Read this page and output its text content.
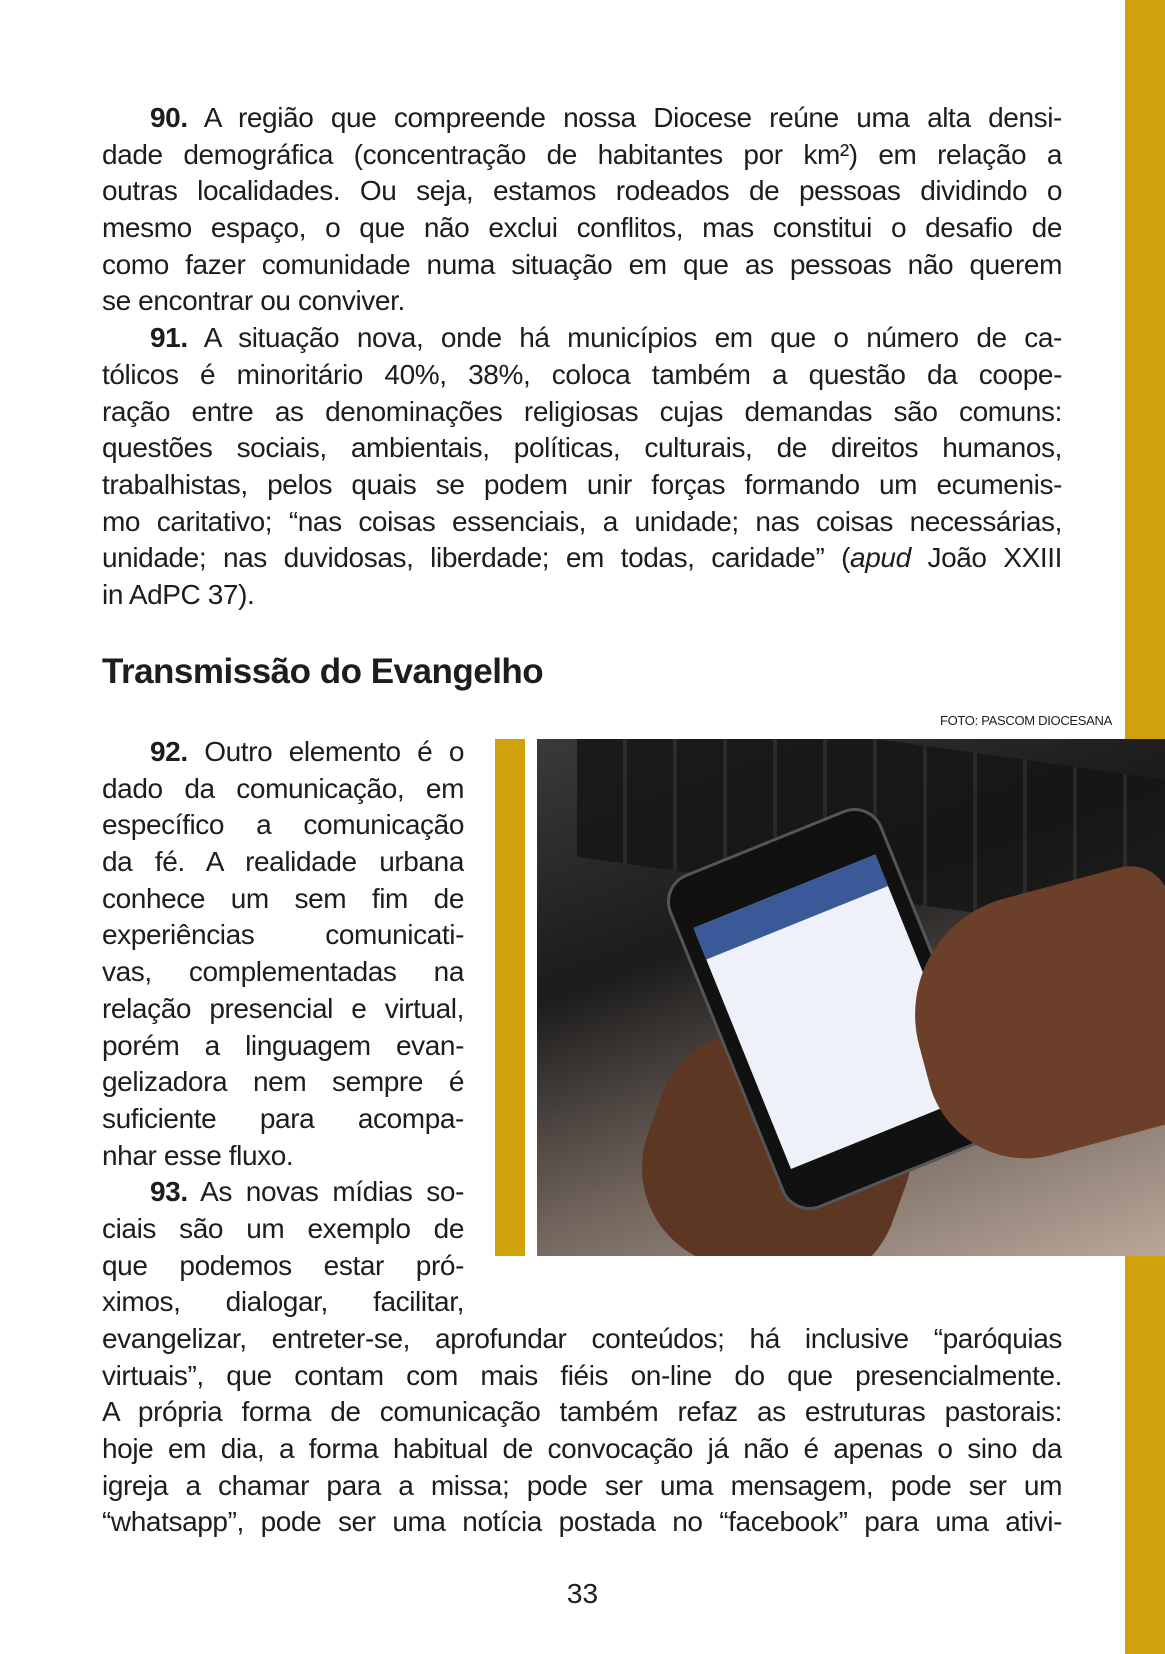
90. A região que compreende nossa Diocese reúne uma alta densi-
dade demográfica (concentração de habitantes por km²) em relação a
outras localidades. Ou seja, estamos rodeados de pessoas dividindo o
mesmo espaço, o que não exclui conflitos, mas constitui o desafio de
como fazer comunidade numa situação em que as pessoas não querem
se encontrar ou conviver.
91. A situação nova, onde há municípios em que o número de ca-
tólicos é minoritário 40%, 38%, coloca também a questão da coope-
ração entre as denominações religiosas cujas demandas são comuns:
questões sociais, ambientais, políticas, culturais, de direitos humanos,
trabalhistas, pelos quais se podem unir forças formando um ecumenis-
mo caritativo; “nas coisas essenciais, a unidade; nas coisas necessárias,
unidade; nas duvidosas, liberdade; em todas, caridade” (apud João XXIII
in AdPC 37).
Transmissão do Evangelho
FOTO: PASCOM DIOCESANA
92. Outro elemento é o
dado da comunicação, em
específico a comunicação
da fé. A realidade urbana
conhece um sem fim de
experiências comunicati-
vas, complementadas na
relação presencial e virtual,
porém a linguagem evan-
gelizadora nem sempre é
suficiente para acompa-
nhar esse fluxo.
93. As novas mídias so-
ciais são um exemplo de
que podemos estar pró-
ximos, dialogar, facilitar,
evangelizar, entreter-se, aprofundar conteúdos; há inclusive “paróquias
virtuais”, que contam com mais fiéis on-line do que presencialmente.
A própria forma de comunicação também refaz as estruturas pastorais:
hoje em dia, a forma habitual de convocação já não é apenas o sino da
igreja a chamar para a missa; pode ser uma mensagem, pode ser um
“whatsapp”, pode ser uma notícia postada no “facebook” para uma ativi-
33
